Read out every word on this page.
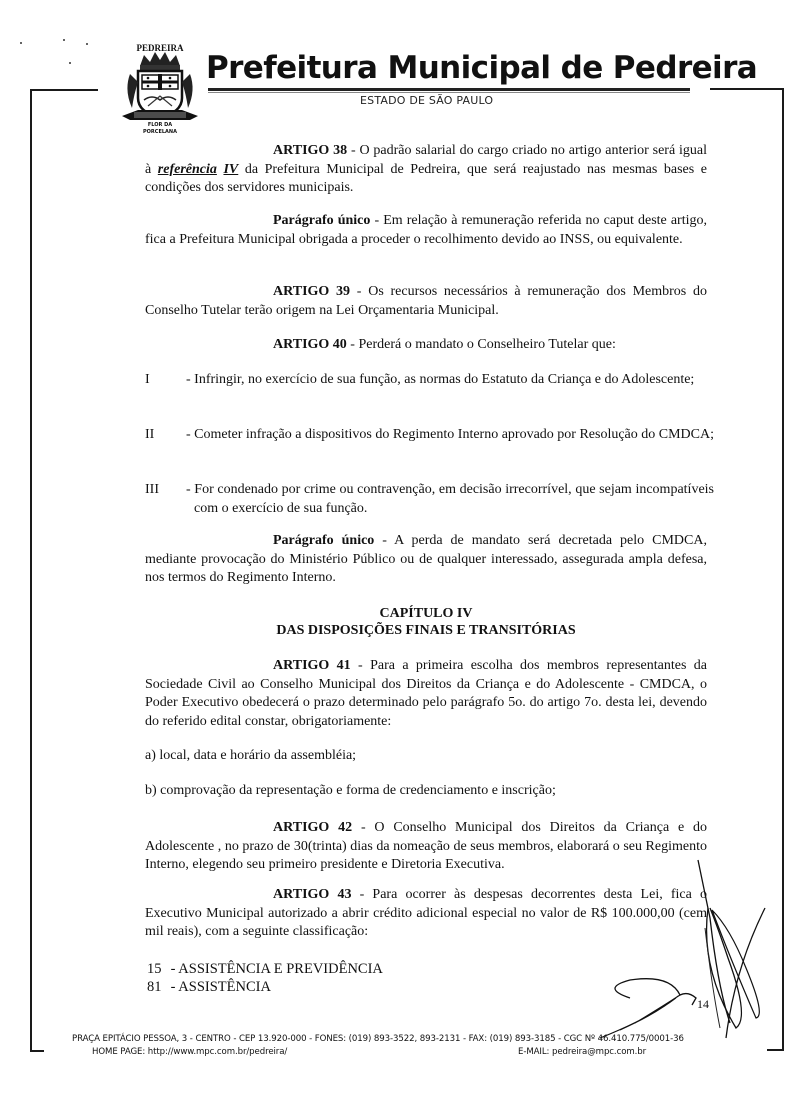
PEDREIRA
FLOR DA
PORCELANA
Prefeitura Municipal de Pedreira
ESTADO DE SÃO PAULO
ARTIGO 38 - O padrão salarial do cargo criado no artigo anterior será igual à referência IV da Prefeitura Municipal de Pedreira, que será reajustado nas mesmas bases e condições dos servidores municipais.
Parágrafo único - Em relação à remuneração referida no caput deste artigo, fica a Prefeitura Municipal obrigada a proceder o recolhimento devido ao INSS, ou equivalente.
ARTIGO 39 - Os recursos necessários à remuneração dos Membros do Conselho Tutelar terão origem na Lei Orçamentaria Municipal.
ARTIGO 40 - Perderá o mandato o Conselheiro Tutelar que:
I	- Infringir, no exercício de sua função, as normas do Estatuto da Criança e do Adolescente;
II - Cometer infração a dispositivos do Regimento Interno aprovado por Resolução do CMDCA;
III - For condenado por crime ou contravenção, em decisão irrecorrível, que sejam incompatíveis com o exercício de sua função.
Parágrafo único - A perda de mandato será decretada pelo CMDCA, mediante provocação do Ministério Público ou de qualquer interessado, assegurada ampla defesa, nos termos do Regimento Interno.
CAPÍTULO IV
DAS DISPOSIÇÕES FINAIS E TRANSITÓRIAS
ARTIGO 41 - Para a primeira escolha dos membros representantes da Sociedade Civil ao Conselho Municipal dos Direitos da Criança e do Adolescente - CMDCA, o Poder Executivo obedecerá o prazo determinado pelo parágrafo 5o. do artigo 7o. desta lei, devendo do referido edital constar, obrigatoriamente:
a) local, data e horário da assembléia;
b) comprovação da representação e forma de credenciamento e inscrição;
ARTIGO 42 - O Conselho Municipal dos Direitos da Criança e do Adolescente , no prazo de 30(trinta) dias da nomeação de seus membros, elaborará o seu Regimento Interno, elegendo seu primeiro presidente e Diretoria Executiva.
ARTIGO 43 - Para ocorrer às despesas decorrentes desta Lei, fica o Executivo Municipal autorizado a abrir crédito adicional especial no valor de R$ 100.000,00 (cem mil reais), com a seguinte classificação:
15 - ASSISTÊNCIA E PREVIDÊNCIA
81 - ASSISTÊNCIA
14
PRAÇA EPITÁCIO PESSOA, 3 - CENTRO - CEP 13.920-000 - FONES: (019) 893-3522, 893-2131 - FAX: (019) 893-3185 - CGC Nº 46.410.775/0001-36
HOME PAGE: http://www.mpc.com.br/pedreira/	E-MAIL: pedreira@mpc.com.br
